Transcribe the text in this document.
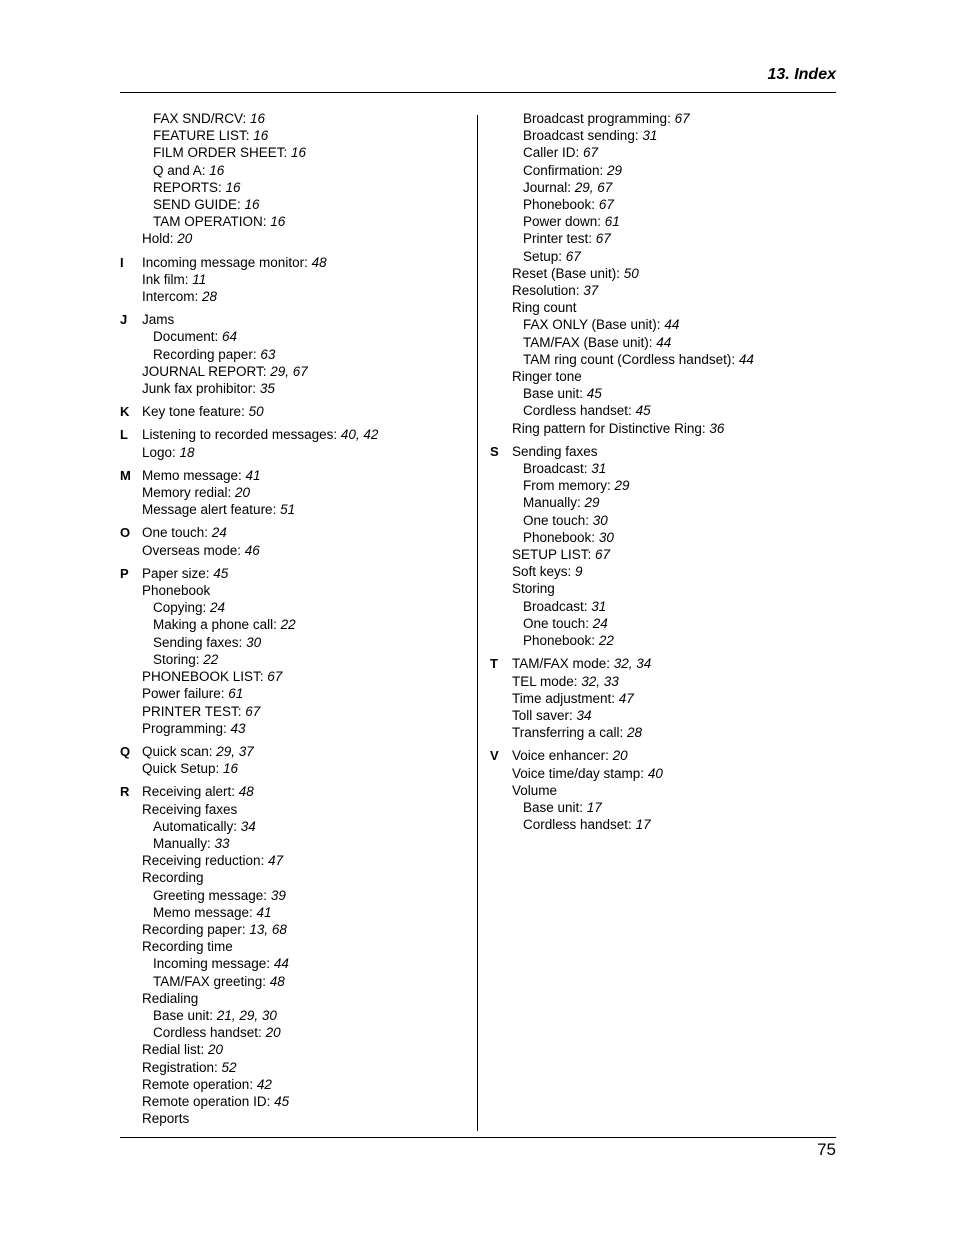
13. Index
FAX SND/RCV: 16
FEATURE LIST: 16
FILM ORDER SHEET: 16
Q and A: 16
REPORTS: 16
SEND GUIDE: 16
TAM OPERATION: 16
Hold: 20
I Incoming message monitor: 48
Ink film: 11
Intercom: 28
J Jams
Document: 64
Recording paper: 63
JOURNAL REPORT: 29, 67
Junk fax prohibitor: 35
K Key tone feature: 50
L Listening to recorded messages: 40, 42
Logo: 18
M Memo message: 41
Memory redial: 20
Message alert feature: 51
O One touch: 24
Overseas mode: 46
P Paper size: 45
Phonebook
Copying: 24
Making a phone call: 22
Sending faxes: 30
Storing: 22
PHONEBOOK LIST: 67
Power failure: 61
PRINTER TEST: 67
Programming: 43
Q Quick scan: 29, 37
Quick Setup: 16
R Receiving alert: 48
Receiving faxes
Automatically: 34
Manually: 33
Receiving reduction: 47
Recording
Greeting message: 39
Memo message: 41
Recording paper: 13, 68
Recording time
Incoming message: 44
TAM/FAX greeting: 48
Redialing
Base unit: 21, 29, 30
Cordless handset: 20
Redial list: 20
Registration: 52
Remote operation: 42
Remote operation ID: 45
Reports
Broadcast programming: 67
Broadcast sending: 31
Caller ID: 67
Confirmation: 29
Journal: 29, 67
Phonebook: 67
Power down: 61
Printer test: 67
Setup: 67
Reset (Base unit): 50
Resolution: 37
Ring count
FAX ONLY (Base unit): 44
TAM/FAX (Base unit): 44
TAM ring count (Cordless handset): 44
Ringer tone
Base unit: 45
Cordless handset: 45
Ring pattern for Distinctive Ring: 36
S Sending faxes
Broadcast: 31
From memory: 29
Manually: 29
One touch: 30
Phonebook: 30
SETUP LIST: 67
Soft keys: 9
Storing
Broadcast: 31
One touch: 24
Phonebook: 22
T TAM/FAX mode: 32, 34
TEL mode: 32, 33
Time adjustment: 47
Toll saver: 34
Transferring a call: 28
V Voice enhancer: 20
Voice time/day stamp: 40
Volume
Base unit: 17
Cordless handset: 17
75
